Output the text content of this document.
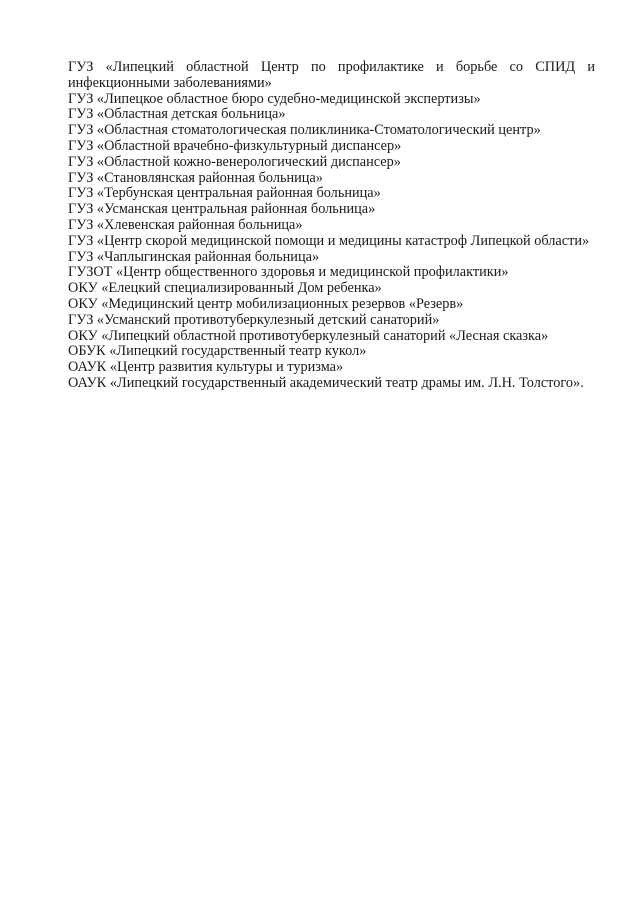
ГУЗ «Липецкий областной Центр по профилактике и борьбе со СПИД и инфекционными заболеваниями»

ГУЗ «Липецкое областное бюро судебно-медицинской экспертизы»

ГУЗ «Областная детская больница»

ГУЗ «Областная стоматологическая поликлиника-Стоматологический центр»

ГУЗ «Областной врачебно-физкультурный диспансер»

ГУЗ «Областной кожно-венерологический диспансер»

ГУЗ «Становлянская районная больница»

ГУЗ «Тербунская центральная районная больница»

ГУЗ «Усманская центральная районная больница»

ГУЗ «Хлевенская районная больница»

ГУЗ «Центр скорой медицинской помощи и медицины катастроф Липецкой области»

ГУЗ «Чаплыгинская районная больница»

ГУЗОТ «Центр общественного здоровья и медицинской профилактики»

ОКУ «Елецкий специализированный Дом ребенка»

ОКУ «Медицинский центр мобилизационных резервов «Резерв»

ГУЗ «Усманский противотуберкулезный детский санаторий»

ОКУ «Липецкий областной противотуберкулезный санаторий «Лесная сказка»

ОБУК «Липецкий государственный театр кукол»

ОАУК «Центр развития культуры и туризма»

ОАУК «Липецкий государственный академический театр драмы им. Л.Н. Толстого».
